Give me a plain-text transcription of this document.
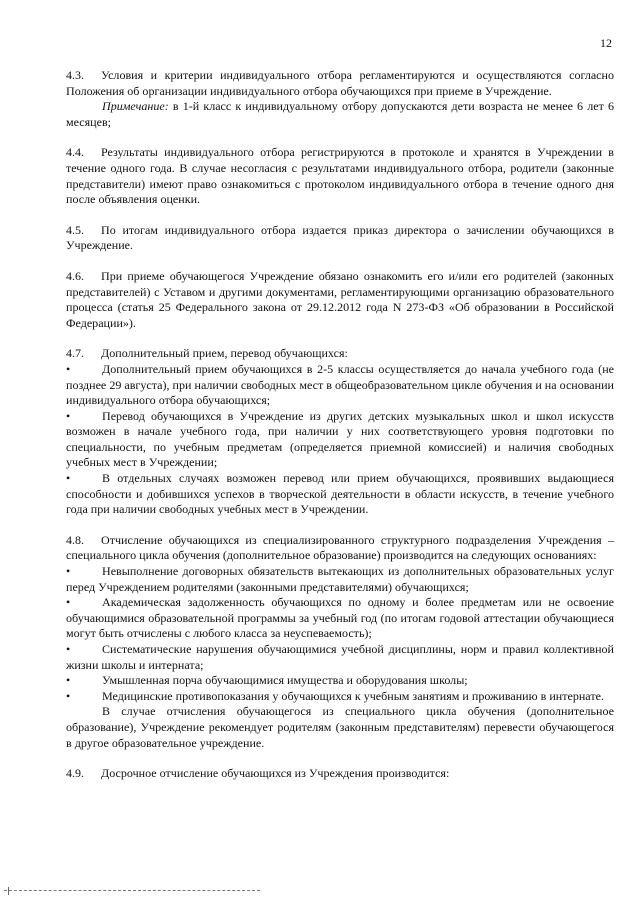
12

4.3. Условия и критерии индивидуального отбора регламентируются и осуществляются согласно Положения об организации индивидуального отбора обучающихся при приеме в Учреждение.

Примечание: в 1-й класс к индивидуальному отбору допускаются дети возраста не менее 6 лет 6 месяцев;

4.4. Результаты индивидуального отбора регистрируются в протоколе и хранятся в Учреждении в течение одного года. В случае несогласия с результатами индивидуального отбора, родители (законные представители) имеют право ознакомиться с протоколом индивидуального отбора в течение одного дня после объявления оценки.

4.5. По итогам индивидуального отбора издается приказ директора о зачислении обучающихся в Учреждение.

4.6. При приеме обучающегося Учреждение обязано ознакомить его и/или его родителей (законных представителей) с Уставом и другими документами, регламентирующими организацию образовательного процесса (статья 25 Федерального закона от 29.12.2012 года N 273-ФЗ «Об образовании в Российской Федерации»).

4.7. Дополнительный прием, перевод обучающихся:

• Дополнительный прием обучающихся в 2-5 классы осуществляется до начала учебного года (не позднее 29 августа), при наличии свободных мест в общеобразовательном цикле обучения и на основании индивидуального отбора обучающихся;

• Перевод обучающихся в Учреждение из других детских музыкальных школ и школ искусств возможен в начале учебного года, при наличии у них соответствующего уровня подготовки по специальности, по учебным предметам (определяется приемной комиссией) и наличия свободных учебных мест в Учреждении;

• В отдельных случаях возможен перевод или прием обучающихся, проявивших выдающиеся способности и добившихся успехов в творческой деятельности в области искусств, в течение учебного года при наличии свободных учебных мест в Учреждении.

4.8. Отчисление обучающихся из специализированного структурного подразделения Учреждения – специального цикла обучения (дополнительное образование) производится на следующих основаниях:

• Невыполнение договорных обязательств вытекающих из дополнительных образовательных услуг перед Учреждением родителями (законными представителями) обучающихся;

• Академическая задолженность обучающихся по одному и более предметам или не освоение обучающимися образовательной программы за учебный год (по итогам годовой аттестации обучающиеся могут быть отчислены с любого класса за неуспеваемость);

• Систематические нарушения обучающимися учебной дисциплины, норм и правил коллективной жизни школы и интерната;

• Умышленная порча обучающимися имущества и оборудования школы;

• Медицинские противопоказания у обучающихся к учебным занятиям и проживанию в интернате.

В случае отчисления обучающегося из специального цикла обучения (дополнительное образование), Учреждение рекомендует родителям (законным представителям) перевести обучающегося в другое образовательное учреждение.

4.9. Досрочное отчисление обучающихся из Учреждения производится:
